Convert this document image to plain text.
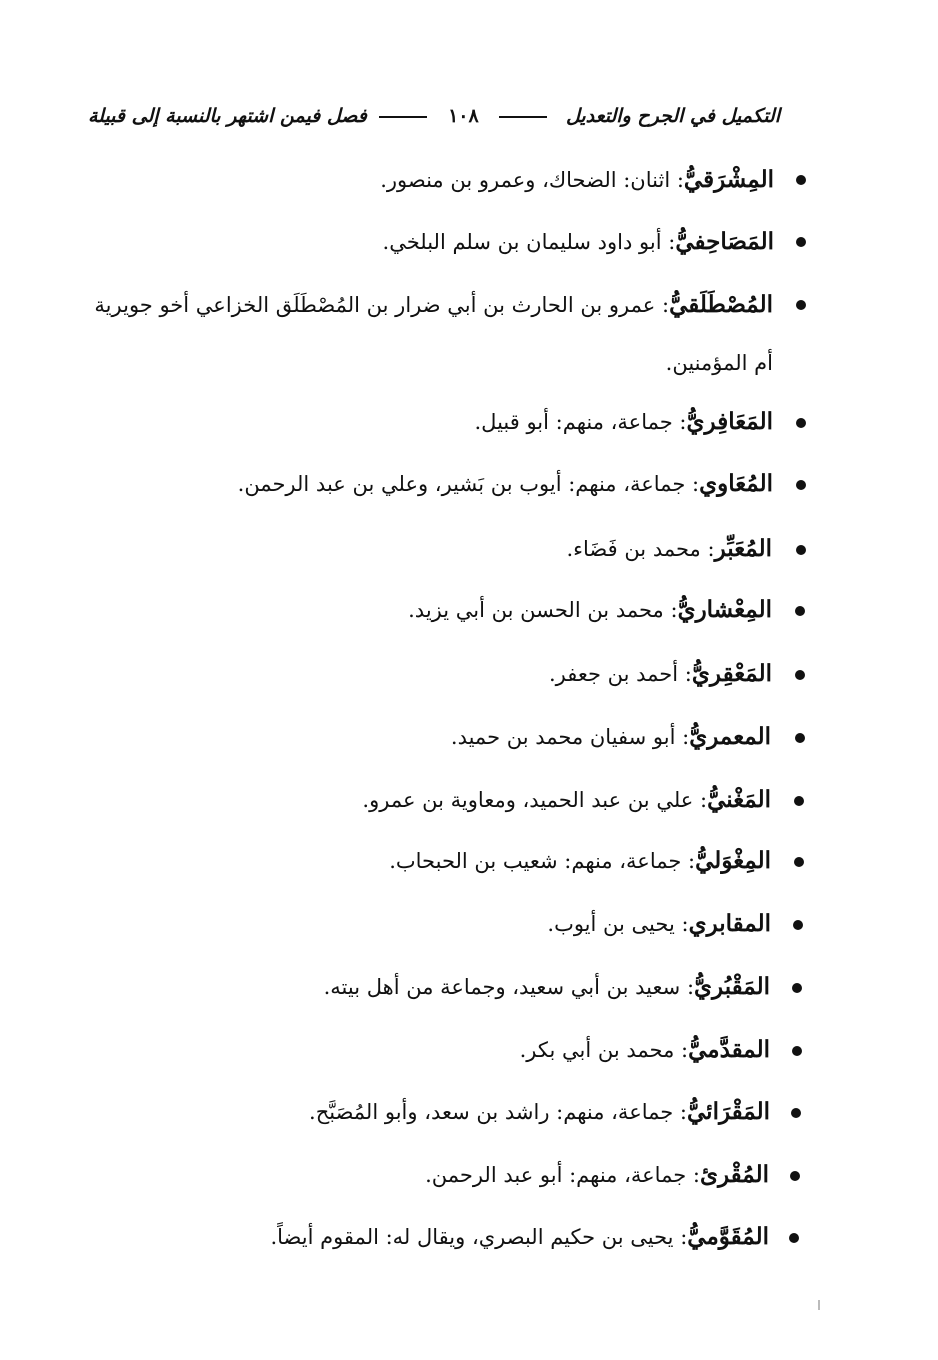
التكميل في الجرح والتعديل  ١٠٨  فصل فيمن اشتهر بالنسبة إلى قبيلة
المِشْرَقيُّ: اثنان: الضحاك، وعمرو بن منصور.
المَصَاحِفيُّ: أبو داود سليمان بن سلم البلخي.
المُصْطَلَقيُّ: عمرو بن الحارث بن أبي ضرار بن المُصْطَلَق الخزاعي أخو جويرية أم المؤمنين.
المَعَافِريُّ: جماعة، منهم: أبو قبيل.
المُعَاوي: جماعة، منهم: أيوب بن بَشير، وعلي بن عبد الرحمن.
المُعَبِّر: محمد بن فَضَاء.
المِعْشاريُّ: محمد بن الحسن بن أبي يزيد.
المَعْقِريُّ: أحمد بن جعفر.
المعمريُّ: أبو سفيان محمد بن حميد.
المَغْنيُّ: علي بن عبد الحميد، ومعاوية بن عمرو.
المِغْوَليُّ: جماعة، منهم: شعيب بن الحبحاب.
المقابري: يحيى بن أيوب.
المَقْبُريُّ: سعيد بن أبي سعيد، وجماعة من أهل بيته.
المقدَّميُّ: محمد بن أبي بكر.
المَقْرَائيُّ: جماعة، منهم: راشد بن سعد، وأبو المُصَبَّح.
المُقْرئ: جماعة، منهم: أبو عبد الرحمن.
المُقَوَّميُّ: يحيى بن حكيم البصري، ويقال له: المقوم أيضاً.
